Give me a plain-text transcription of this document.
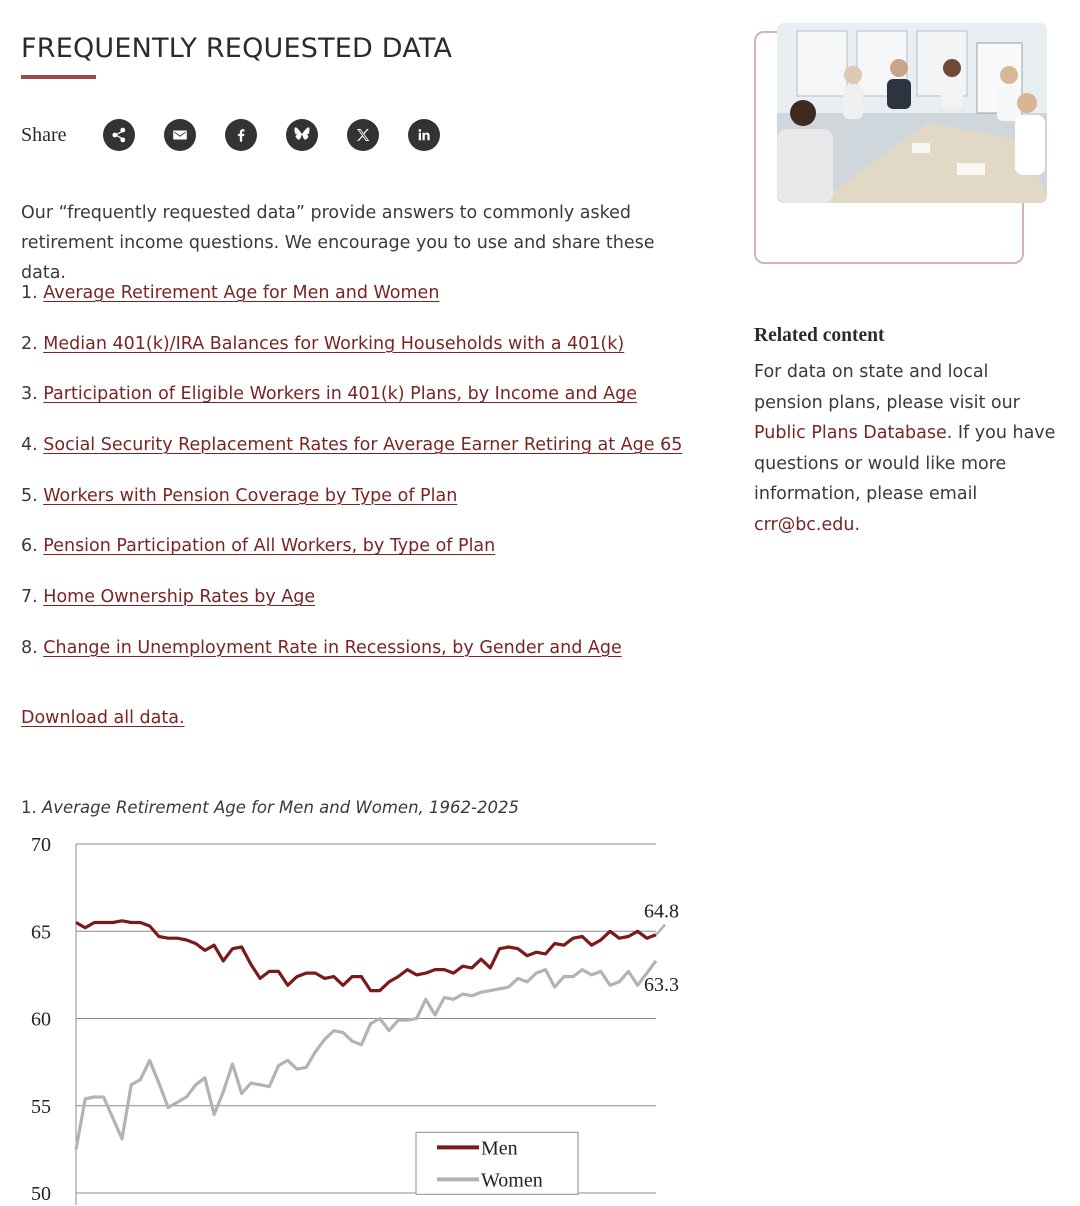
FREQUENTLY REQUESTED DATA
Share

Our “frequently requested data” provide answers to commonly asked retirement income questions. We encourage you to use and share these data.

1. Average Retirement Age for Men and Women
2. Median 401(k)/IRA Balances for Working Households with a 401(k)
3. Participation of Eligible Workers in 401(k) Plans, by Income and Age
4. Social Security Replacement Rates for Average Earner Retiring at Age 65
5. Workers with Pension Coverage by Type of Plan
6. Pension Participation of All Workers, by Type of Plan
7. Home Ownership Rates by Age
8. Change in Unemployment Rate in Recessions, by Gender and Age
Download all data.
1. Average Retirement Age for Men and Women, 1962-2025
50
55
60
65
70
64.8
63.3
Men
Women
Related content

For data on state and local pension plans, please visit our Public Plans Database. If you have questions or would like more information, please email crr@bc.edu.
